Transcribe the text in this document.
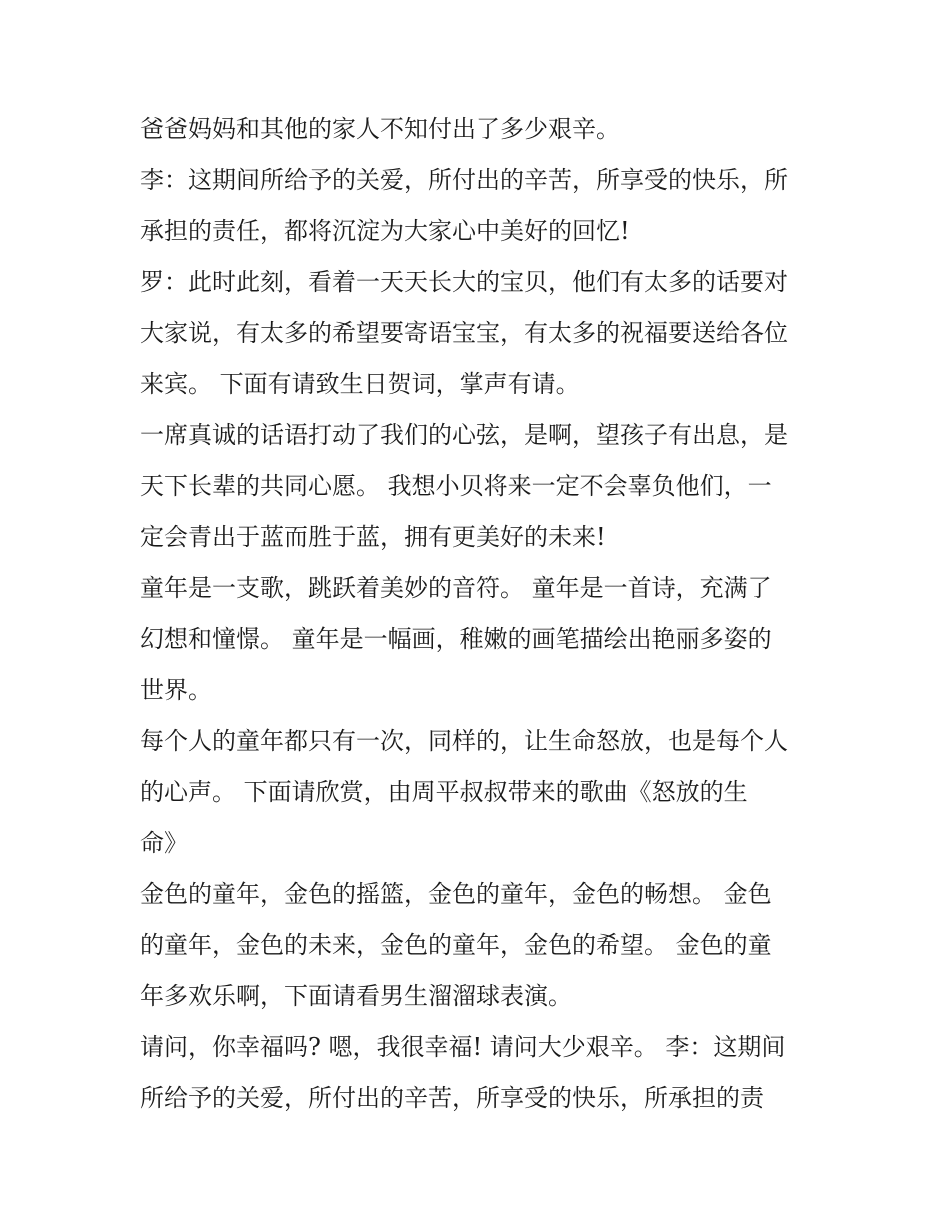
爸爸妈妈和其他的家人不知付出了多少艰辛。
李：这期间所给予的关爱，所付出的辛苦，所享受的快乐，所
承担的责任，都将沉淀为大家心中美好的回忆!
罗：此时此刻，看着一天天长大的宝贝，他们有太多的话要对
大家说，有太多的希望要寄语宝宝，有太多的祝福要送给各位
来宾。 下面有请致生日贺词，掌声有请。
一席真诚的话语打动了我们的心弦，是啊，望孩子有出息，是
天下长辈的共同心愿。 我想小贝将来一定不会辜负他们，一
定会青出于蓝而胜于蓝，拥有更美好的未来!
童年是一支歌，跳跃着美妙的音符。 童年是一首诗，充满了
幻想和憧憬。 童年是一幅画，稚嫩的画笔描绘出艳丽多姿的
世界。
每个人的童年都只有一次，同样的，让生命怒放，也是每个人
的心声。 下面请欣赏，由周平叔叔带来的歌曲《怒放的生
命》
金色的童年，金色的摇篮，金色的童年，金色的畅想。 金色
的童年，金色的未来，金色的童年，金色的希望。 金色的童
年多欢乐啊，下面请看男生溜溜球表演。
请问，你幸福吗? 嗯，我很幸福! 请问大少艰辛。 李：这期间
所给予的关爱，所付出的辛苦，所享受的快乐，所承担的责
